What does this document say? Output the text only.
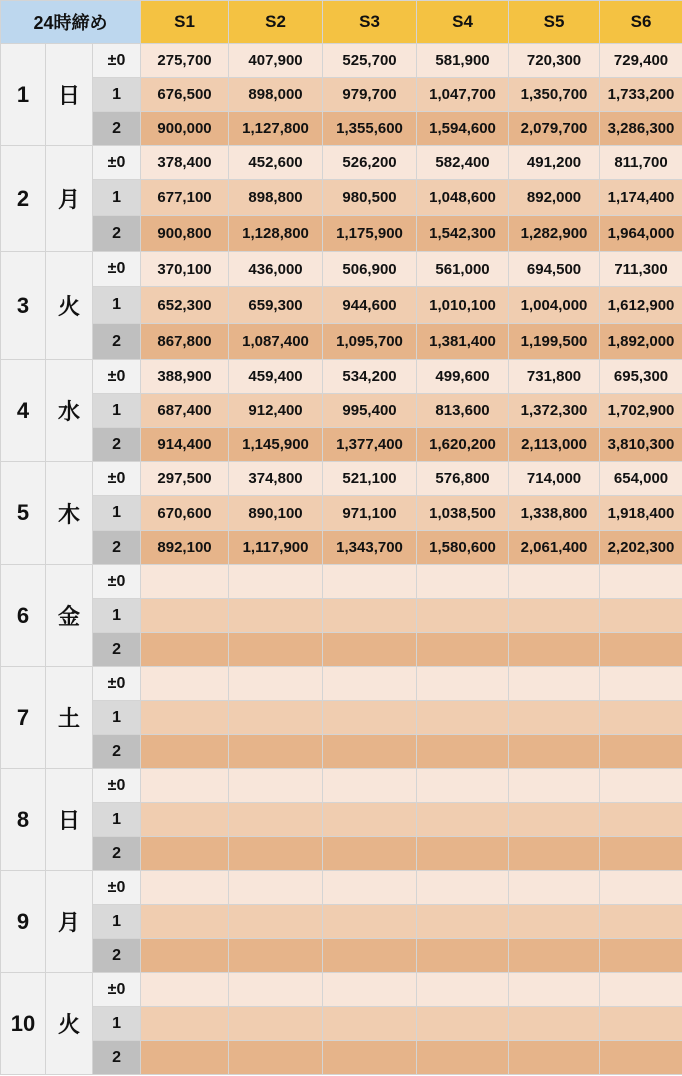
24時締め			S1	S2	S3	S4	S5	S6
1	日	±0	275,700	407,900	525,700	581,900	720,300	729,400
		1	676,500	898,000	979,700	1,047,700	1,350,700	1,733,200
		2	900,000	1,127,800	1,355,600	1,594,600	2,079,700	3,286,300
2	月	±0	378,400	452,600	526,200	582,400	491,200	811,700
		1	677,100	898,800	980,500	1,048,600	892,000	1,174,400
		2	900,800	1,128,800	1,175,900	1,542,300	1,282,900	1,964,000
3	火	±0	370,100	436,000	506,900	561,000	694,500	711,300
		1	652,300	659,300	944,600	1,010,100	1,004,000	1,612,900
		2	867,800	1,087,400	1,095,700	1,381,400	1,199,500	1,892,000
4	水	±0	388,900	459,400	534,200	499,600	731,800	695,300
		1	687,400	912,400	995,400	813,600	1,372,300	1,702,900
		2	914,400	1,145,900	1,377,400	1,620,200	2,113,000	3,810,300
5	木	±0	297,500	374,800	521,100	576,800	714,000	654,000
		1	670,600	890,100	971,100	1,038,500	1,338,800	1,918,400
		2	892,100	1,117,900	1,343,700	1,580,600	2,061,400	2,202,300
6	金	±0						
		1						
		2						
7	土	±0						
		1						
		2						
8	日	±0						
		1						
		2						
9	月	±0						
		1						
		2						
10	火	±0						
		1						
		2						
